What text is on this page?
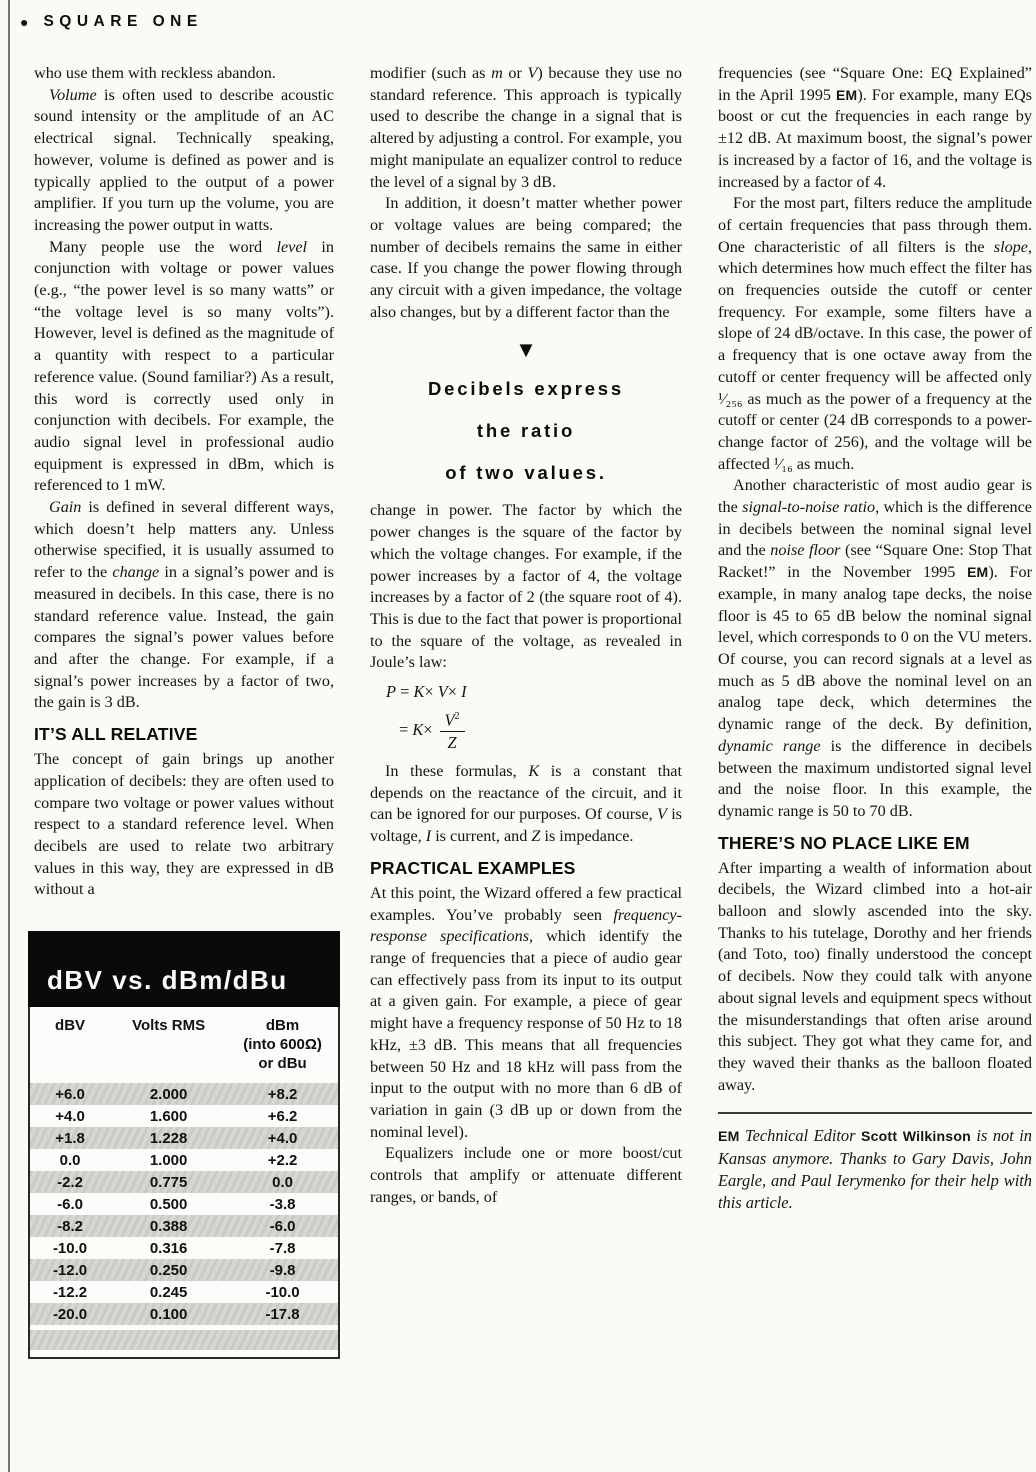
● SQUARE ONE

who use them with reckless abandon.

Volume is often used to describe acoustic sound intensity or the amplitude of an AC electrical signal. Technically speaking, however, volume is defined as power and is typically applied to the output of a power amplifier. If you turn up the volume, you are increasing the power output in watts.

Many people use the word level in conjunction with voltage or power values (e.g., “the power level is so many watts” or “the voltage level is so many volts”). However, level is defined as the magnitude of a quantity with respect to a particular reference value. (Sound familiar?) As a result, this word is correctly used only in conjunction with decibels. For example, the audio signal level in professional audio equipment is expressed in dBm, which is referenced to 1 mW.

Gain is defined in several different ways, which doesn’t help matters any. Unless otherwise specified, it is usually assumed to refer to the change in a signal’s power and is measured in decibels. In this case, there is no standard reference value. Instead, the gain compares the signal’s power values before and after the change. For example, if a signal’s power increases by a factor of two, the gain is 3 dB.

IT’S ALL RELATIVE

The concept of gain brings up another application of decibels: they are often used to compare two voltage or power values without respect to a standard reference level. When decibels are used to relate two arbitrary values in this way, they are expressed in dB without a

dBV vs. dBm/dBu
dBV	Volts RMS	dBm
(into 600Ω)
or dBu
+6.0	2.000	+8.2
+4.0	1.600	+6.2
+1.8	1.228	+4.0
0.0	1.000	+2.2
-2.2	0.775	0.0
-6.0	0.500	-3.8
-8.2	0.388	-6.0
-10.0	0.316	-7.8
-12.0	0.250	-9.8
-12.2	0.245	-10.0
-20.0	0.100	-17.8

modifier (such as m or V) because they use no standard reference. This approach is typically used to describe the change in a signal that is altered by adjusting a control. For example, you might manipulate an equalizer control to reduce the level of a signal by 3 dB.

In addition, it doesn’t matter whether power or voltage values are being compared; the number of decibels remains the same in either case. If you change the power flowing through any circuit with a given impedance, the voltage also changes, but by a different factor than the

▼
Decibels express
the ratio
of two values.

change in power. The factor by which the power changes is the square of the factor by which the voltage changes. For example, if the power increases by a factor of 4, the voltage increases by a factor of 2 (the square root of 4). This is due to the fact that power is proportional to the square of the voltage, as revealed in Joule’s law:

P = K× V× I
= $K\times \frac{V^2}{Z}$

In these formulas, K is a constant that depends on the reactance of the circuit, and it can be ignored for our purposes. Of course, V is voltage, I is current, and Z is impedance.

PRACTICAL EXAMPLES

At this point, the Wizard offered a few practical examples. You’ve probably seen frequency-response specifications, which identify the range of frequencies that a piece of audio gear can effectively pass from its input to its output at a given gain. For example, a piece of gear might have a frequency response of 50 Hz to 18 kHz, ±3 dB. This means that all frequencies between 50 Hz and 18 kHz will pass from the input to the output with no more than 6 dB of variation in gain (3 dB up or down from the nominal level).

Equalizers include one or more boost/cut controls that amplify or attenuate different ranges, or bands, of

frequencies (see “Square One: EQ Explained” in the April 1995 EM). For example, many EQs boost or cut the frequencies in each range by ±12 dB. At maximum boost, the signal’s power is increased by a factor of 16, and the voltage is increased by a factor of 4.

For the most part, filters reduce the amplitude of certain frequencies that pass through them. One characteristic of all filters is the slope, which determines how much effect the filter has on frequencies outside the cutoff or center frequency. For example, some filters have a slope of 24 dB/octave. In this case, the power of a frequency that is one octave away from the cutoff or center frequency will be affected only ¹⁄₂₅₆ as much as the power of a frequency at the cutoff or center (24 dB corresponds to a power-change factor of 256), and the voltage will be affected ¹⁄₁₆ as much.

Another characteristic of most audio gear is the signal-to-noise ratio, which is the difference in decibels between the nominal signal level and the noise floor (see “Square One: Stop That Racket!” in the November 1995 EM). For example, in many analog tape decks, the noise floor is 45 to 65 dB below the nominal signal level, which corresponds to 0 on the VU meters. Of course, you can record signals at a level as much as 5 dB above the nominal level on an analog tape deck, which determines the dynamic range of the deck. By definition, dynamic range is the difference in decibels between the maximum undistorted signal level and the noise floor. In this example, the dynamic range is 50 to 70 dB.

THERE’S NO PLACE LIKE EM

After imparting a wealth of information about decibels, the Wizard climbed into a hot-air balloon and slowly ascended into the sky. Thanks to his tutelage, Dorothy and her friends (and Toto, too) finally understood the concept of decibels. Now they could talk with anyone about signal levels and equipment specs without the misunderstandings that often arise around this subject. They got what they came for, and they waved their thanks as the balloon floated away.

EM Technical Editor Scott Wilkinson is not in Kansas anymore. Thanks to Gary Davis, John Eargle, and Paul Ierymenko for their help with this article.
